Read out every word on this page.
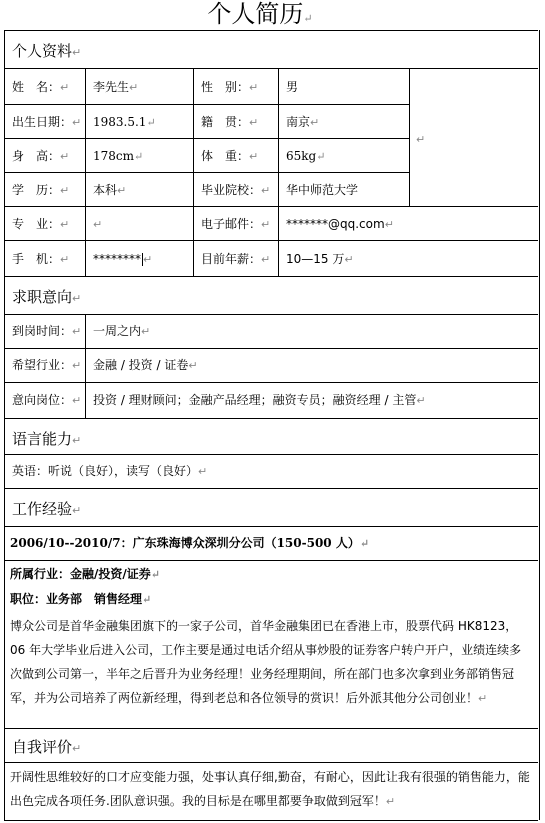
个人简历↵
个人资料↵
求职意向↵
语言能力↵
工作经验↵
自我评价↵
姓　名：↵ 李先生↵	性　别：↵ 男
出生日期：↵ 1983.5.1↵	籍　贯：↵ 南京↵
↵
身　高：↵ 178cm↵	体　重：↵ 65kg↵
学　历：↵ 本科↵	毕业院校：↵ 华中师范大学
专　业：↵ ↵	电子邮件：↵ *******@qq.com↵
手　机：↵ ******** ↵	目前年薪：↵ 10—15 万↵
到岗时间：↵ 一周之内↵
希望行业：↵ 金融 / 投资 / 证卷↵
意向岗位：↵ 投资 / 理财顾问；金融产品经理；融资专员；融资经理 / 主管↵
英语：听说（良好），读写（良好）↵
2006/10--2010/7：广东珠海博众深圳分公司（150-500 人）↵
所属行业：金融/投资/证券↵
职位：业务部　销售经理↵
博众公司是首华金融集团旗下的一家子公司，首华金融集团已在香港上市，股票代码 HK8123，06 年大学毕业后进入公司，工作主要是通过电话介绍从事炒股的证券客户转户开户，业绩连续多次做到公司第一，半年之后晋升为业务经理！业务经理期间，所在部门也多次拿到业务部销售冠军，并为公司培养了两位新经理，得到老总和各位领导的赏识！后外派其他分公司创业！↵
开阔性思维较好的口才应变能力强，处事认真仔细,勤奋，有耐心，因此让我有很强的销售能力，能出色完成各项任务.团队意识强。我的目标是在哪里都要争取做到冠军！↵
